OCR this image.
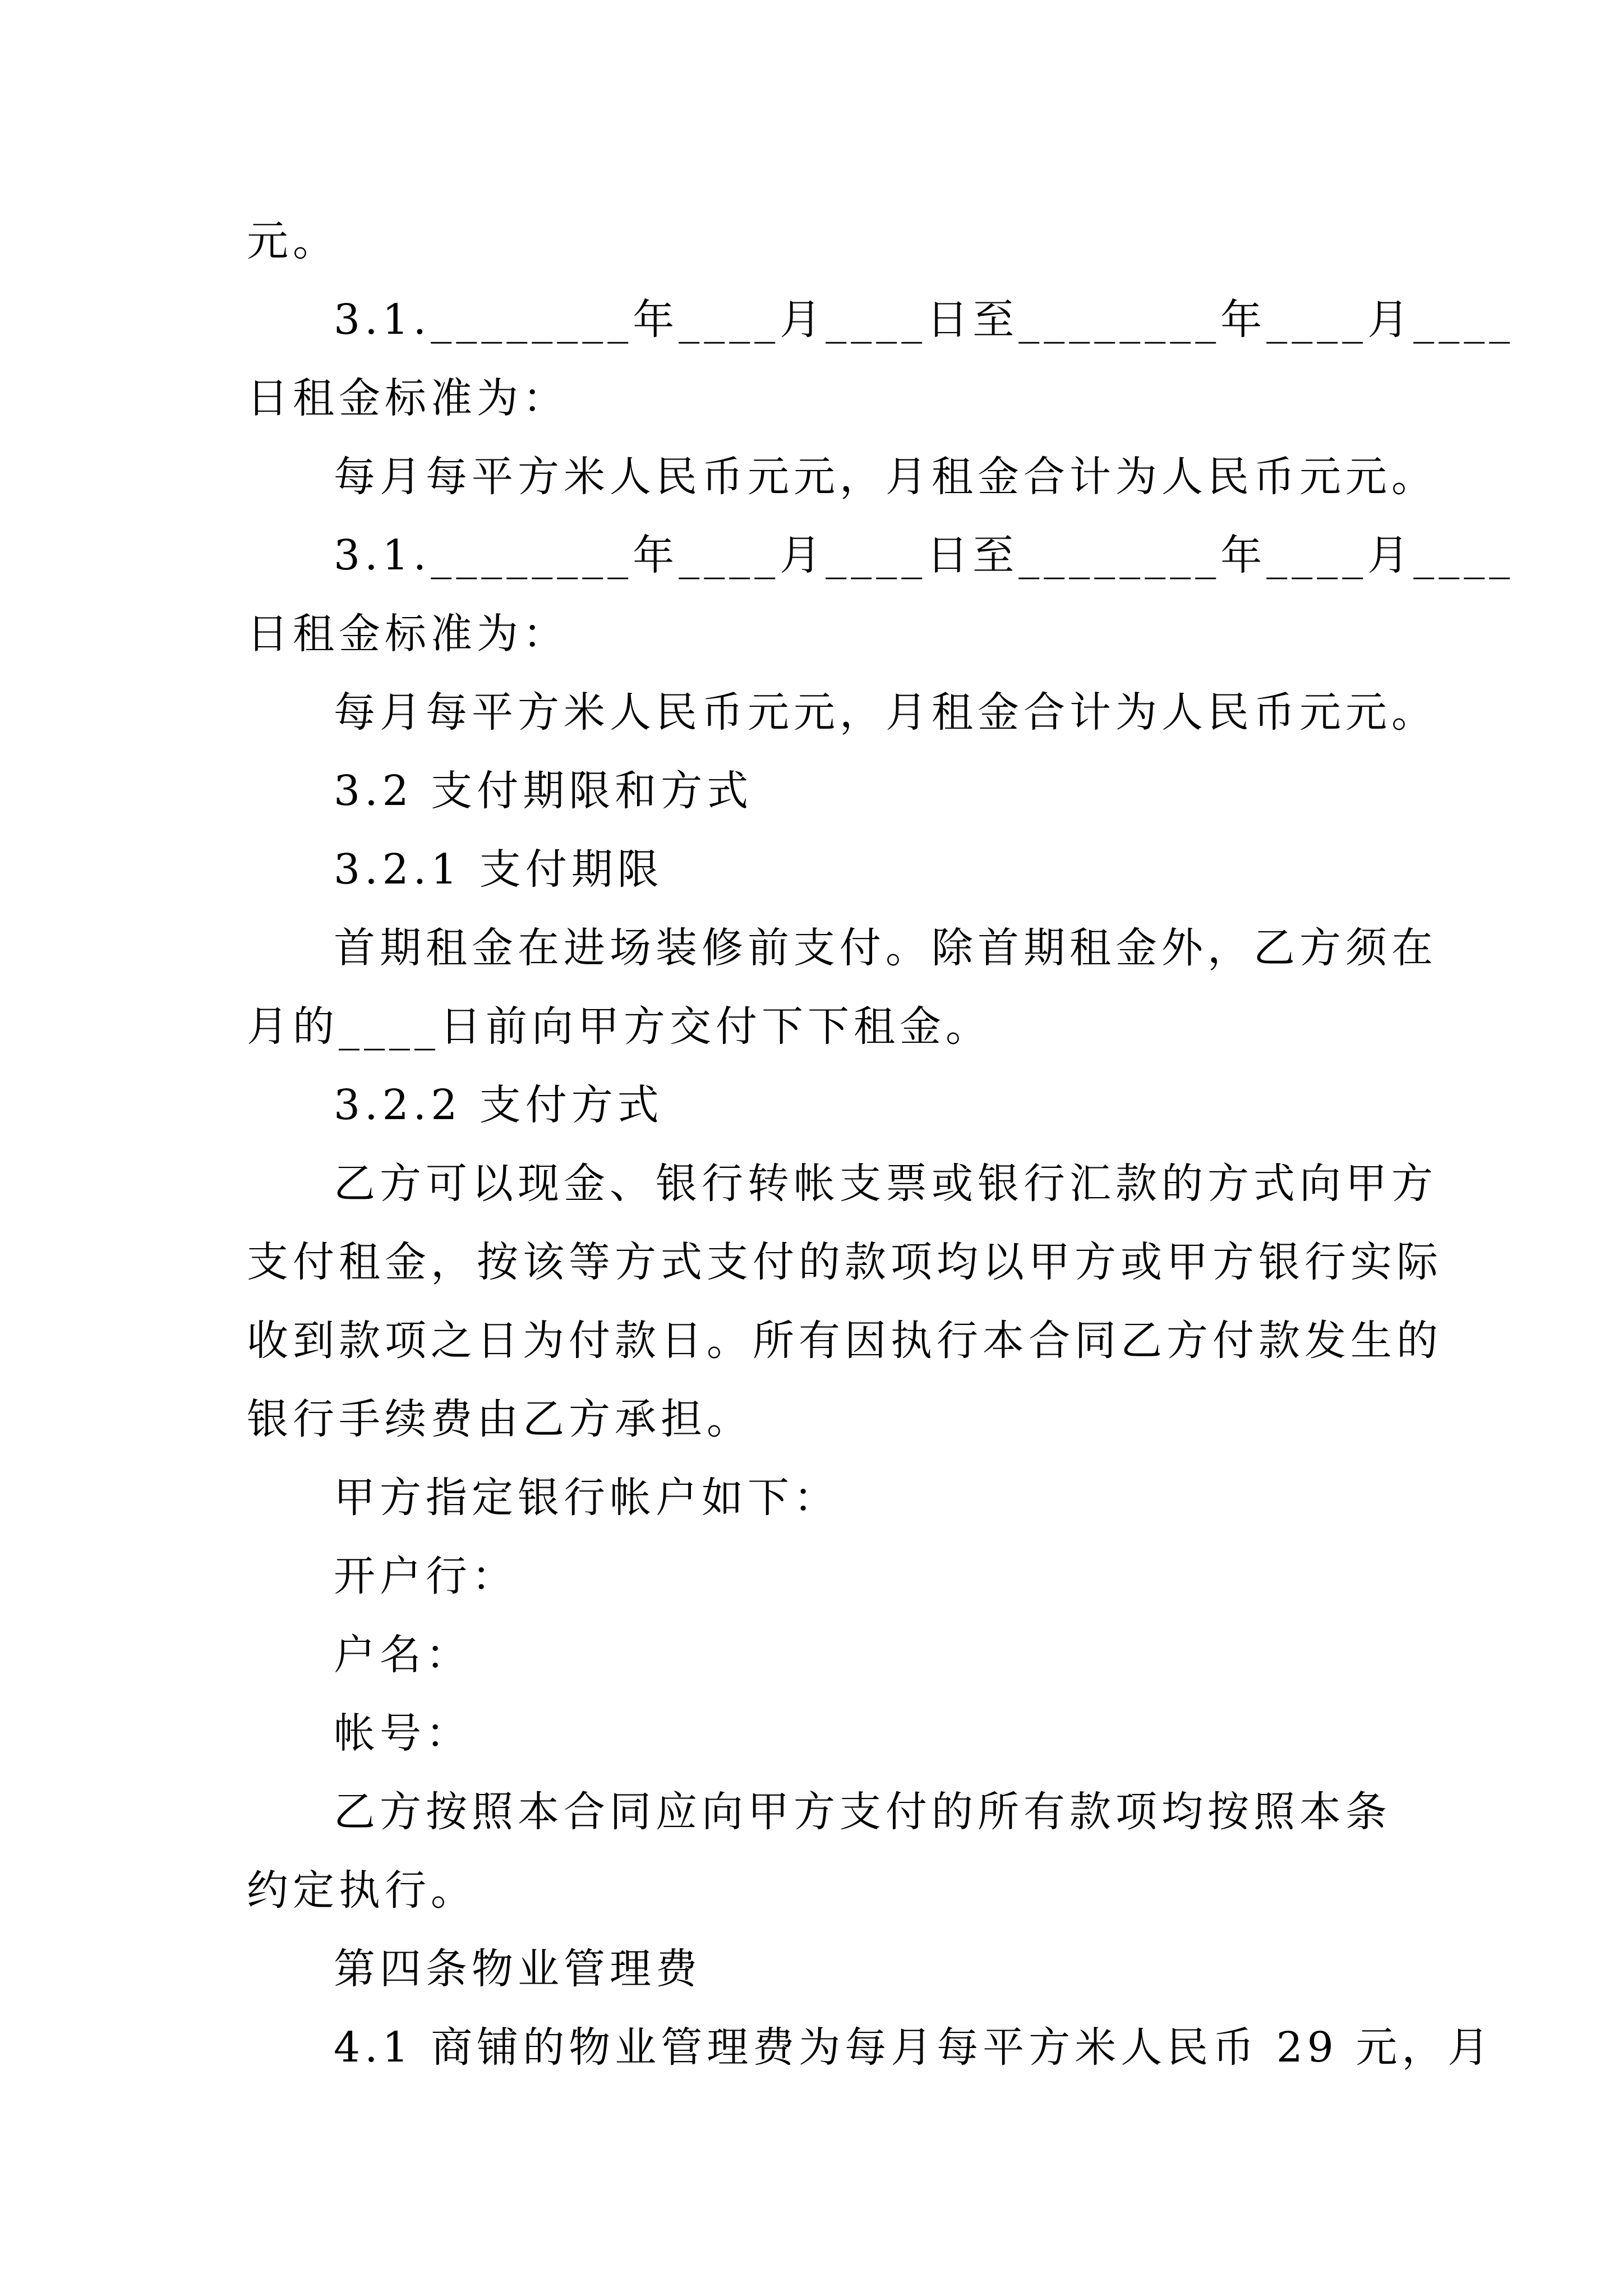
元。
3.1.________年____月____日至________年____月____
日租金标准为：
每月每平方米人民币元元，月租金合计为人民币元元。
3.1.________年____月____日至________年____月____
日租金标准为：
每月每平方米人民币元元，月租金合计为人民币元元。
3.2 支付期限和方式
3.2.1 支付期限
首期租金在进场装修前支付。除首期租金外，乙方须在
月的____日前向甲方交付下下租金。
3.2.2 支付方式
乙方可以现金、银行转帐支票或银行汇款的方式向甲方
支付租金，按该等方式支付的款项均以甲方或甲方银行实际
收到款项之日为付款日。所有因执行本合同乙方付款发生的
银行手续费由乙方承担。
甲方指定银行帐户如下：
开户行：
户名：
帐号：
乙方按照本合同应向甲方支付的所有款项均按照本条
约定执行。
第四条物业管理费
4.1 商铺的物业管理费为每月每平方米人民币 29 元，月
